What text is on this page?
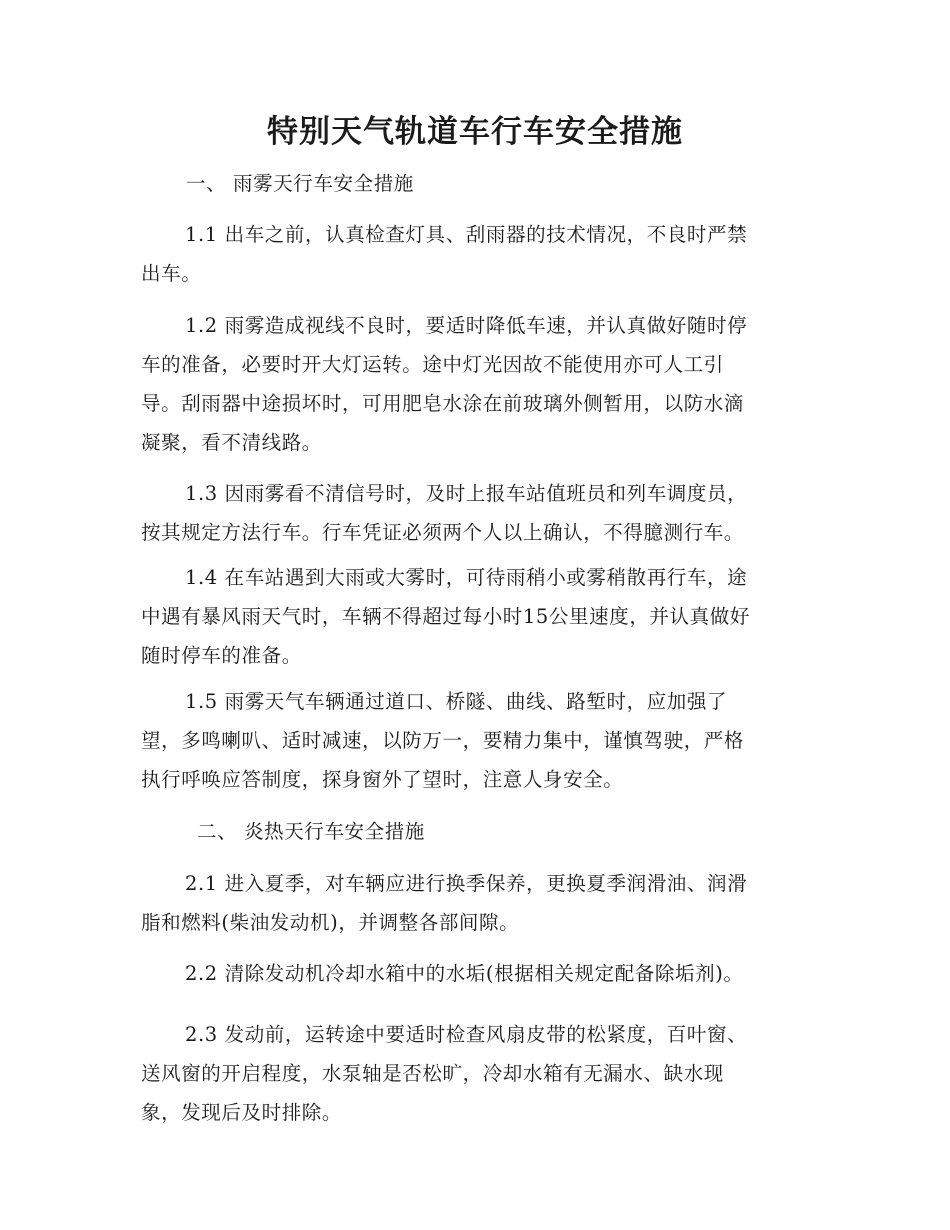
特别天气轨道车行车安全措施

一、 雨雾天行车安全措施

1.1 出车之前，认真检查灯具、刮雨器的技术情况，不良时严禁
出车。

1.2 雨雾造成视线不良时，要适时降低车速，并认真做好随时停
车的准备，必要时开大灯运转。途中灯光因故不能使用亦可人工引
导。刮雨器中途损坏时，可用肥皂水涂在前玻璃外侧暂用，以防水滴
凝聚，看不清线路。

1.3 因雨雾看不清信号时，及时上报车站值班员和列车调度员，
按其规定方法行车。行车凭证必须两个人以上确认，不得臆测行车。

1.4 在车站遇到大雨或大雾时，可待雨稍小或雾稍散再行车，途
中遇有暴风雨天气时，车辆不得超过每小时15公里速度，并认真做好
随时停车的准备。

1.5 雨雾天气车辆通过道口、桥隧、曲线、路堑时，应加强了
望，多鸣喇叭、适时减速，以防万一，要精力集中，谨慎驾驶，严格
执行呼唤应答制度，探身窗外了望时，注意人身安全。

二、 炎热天行车安全措施

2.1 进入夏季，对车辆应进行换季保养，更换夏季润滑油、润滑
脂和燃料(柴油发动机)，并调整各部间隙。

2.2 清除发动机冷却水箱中的水垢(根据相关规定配备除垢剂)。

2.3 发动前，运转途中要适时检查风扇皮带的松紧度，百叶窗、
送风窗的开启程度，水泵轴是否松旷，冷却水箱有无漏水、缺水现
象，发现后及时排除。
